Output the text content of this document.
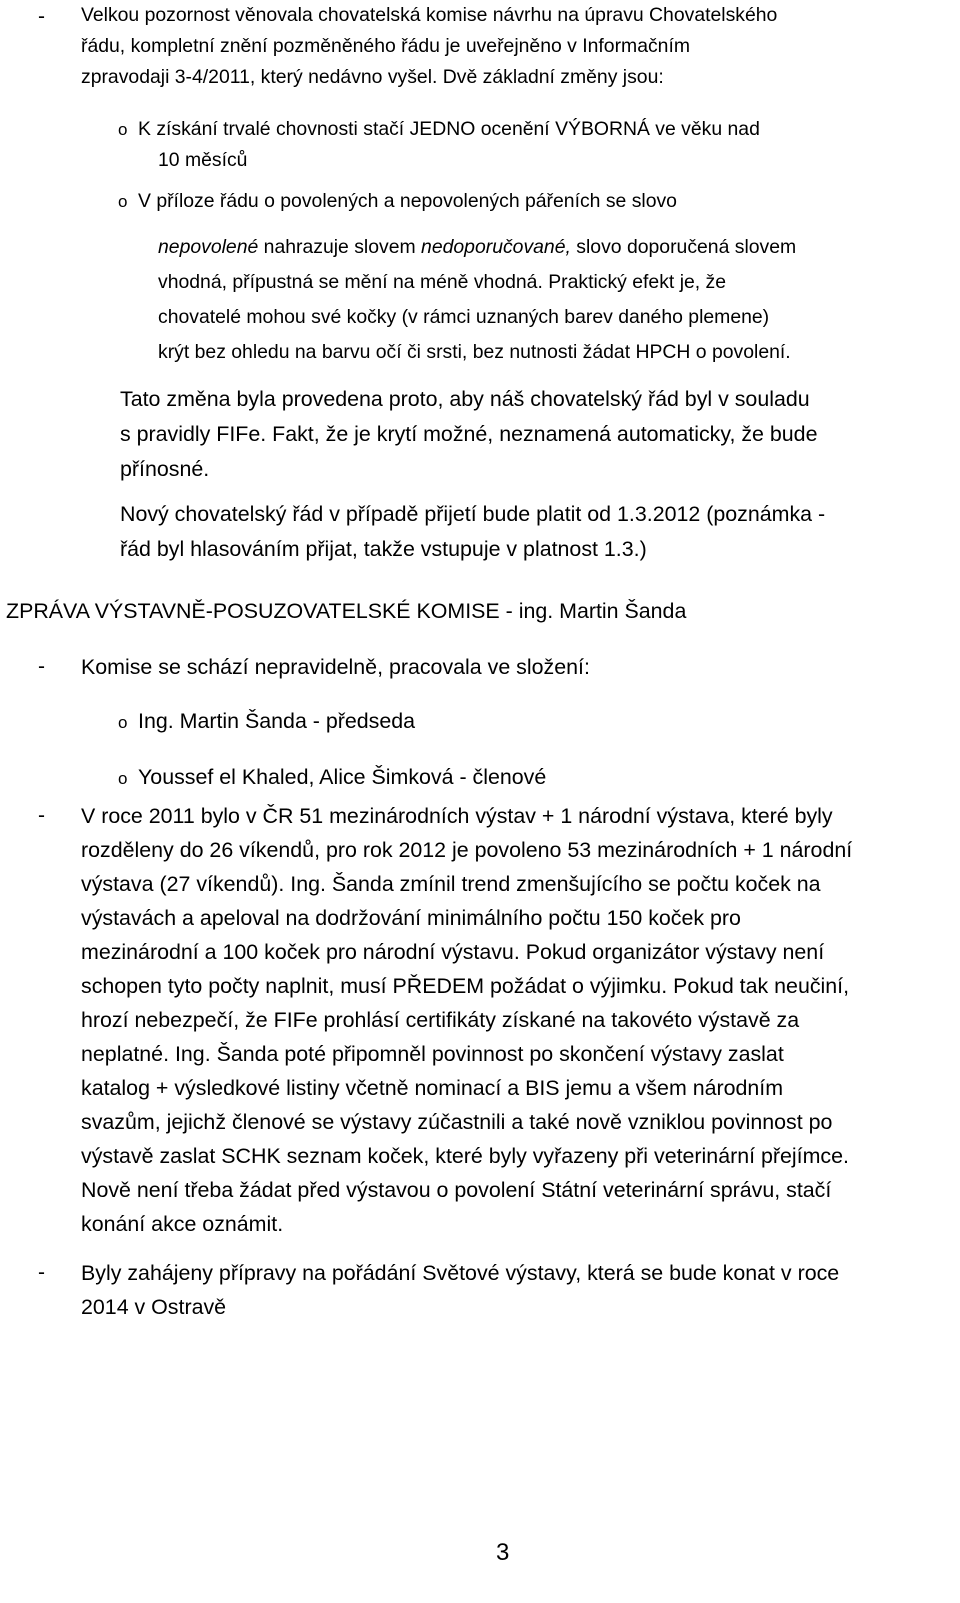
- Velkou pozornost věnovala chovatelská komise návrhu na úpravu Chovatelského
řádu, kompletní znění pozměněného řádu je uveřejněno v Informačním
zpravodaji 3-4/2011, který nedávno vyšel. Dvě základní změny jsou:
o K získání trvalé chovnosti stačí JEDNO ocenění VÝBORNÁ ve věku nad
10 měsíců
o V příloze řádu o povolených a nepovolených pářeních se slovo
nepovolené nahrazuje slovem nedoporučované, slovo doporučená slovem
vhodná, přípustná se mění na méně vhodná. Praktický efekt je, že
chovatelé mohou své kočky (v rámci uznaných barev daného plemene)
krýt bez ohledu na barvu očí či srsti, bez nutnosti žádat HPCH o povolení.
Tato změna byla provedena proto, aby náš chovatelský řád byl v souladu
s pravidly FIFe. Fakt, že je krytí možné, neznamená automaticky, že bude
přínosné.
Nový chovatelský řád v případě přijetí bude platit od 1.3.2012 (poznámka -
řád byl hlasováním přijat, takže vstupuje v platnost 1.3.)
ZPRÁVA VÝSTAVNĚ-POSUZOVATELSKÉ KOMISE - ing. Martin Šanda
- Komise se schází nepravidelně, pracovala ve složení:
o Ing. Martin Šanda - předseda
o Youssef el Khaled, Alice Šimková - členové
- V roce 2011 bylo v ČR 51 mezinárodních výstav + 1 národní výstava, které byly
rozděleny do 26 víkendů, pro rok 2012 je povoleno 53 mezinárodních + 1 národní
výstava (27 víkendů). Ing. Šanda zmínil trend zmenšujícího se počtu koček na
výstavách a apeloval na dodržování minimálního počtu 150 koček pro
mezinárodní a 100 koček pro národní výstavu. Pokud organizátor výstavy není
schopen tyto počty naplnit, musí PŘEDEM požádat o výjimku. Pokud tak neučiní,
hrozí nebezpečí, že FIFe prohlásí certifikáty získané na takovéto výstavě za
neplatné. Ing. Šanda poté připomněl povinnost po skončení výstavy zaslat
katalog + výsledkové listiny včetně nominací a BIS jemu a všem národním
svazům, jejichž členové se výstavy zúčastnili a také nově vzniklou povinnost po
výstavě zaslat SCHK seznam koček, které byly vyřazeny při veterinární přejímce.
Nově není třeba žádat před výstavou o povolení Státní veterinární správu, stačí
konání akce oznámit.
- Byly zahájeny přípravy na pořádání Světové výstavy, která se bude konat v roce
2014 v Ostravě
3
